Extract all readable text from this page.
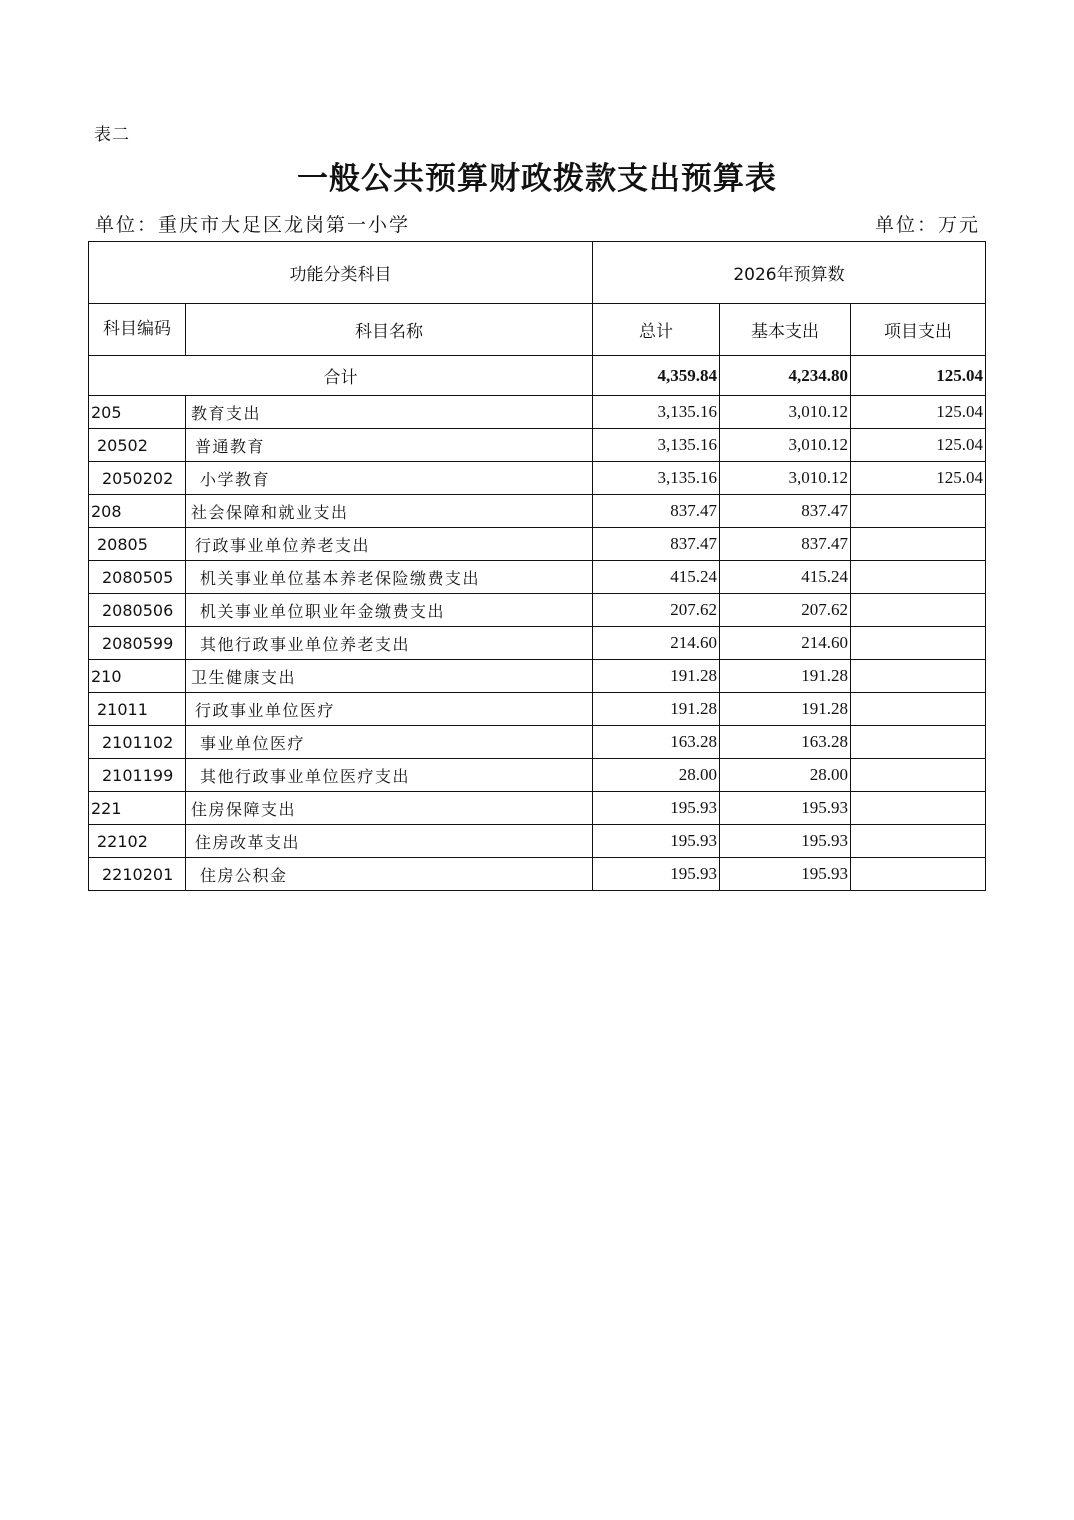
表二
一般公共预算财政拨款支出预算表
单位：重庆市大足区龙岗第一小学	单位：万元
功能分类科目		2026年预算数		
科目编码	科目名称	总计	基本支出	项目支出
合计		4,359.84	4,234.80	125.04
205	教育支出	3,135.16	3,010.12	125.04
20502	普通教育	3,135.16	3,010.12	125.04
2050202	小学教育	3,135.16	3,010.12	125.04
208	社会保障和就业支出	837.47	837.47	
20805	行政事业单位养老支出	837.47	837.47	
2080505	机关事业单位基本养老保险缴费支出	415.24	415.24	
2080506	机关事业单位职业年金缴费支出	207.62	207.62	
2080599	其他行政事业单位养老支出	214.60	214.60	
210	卫生健康支出	191.28	191.28	
21011	行政事业单位医疗	191.28	191.28	
2101102	事业单位医疗	163.28	163.28	
2101199	其他行政事业单位医疗支出	28.00	28.00	
221	住房保障支出	195.93	195.93	
22102	住房改革支出	195.93	195.93	
2210201	住房公积金	195.93	195.93	
